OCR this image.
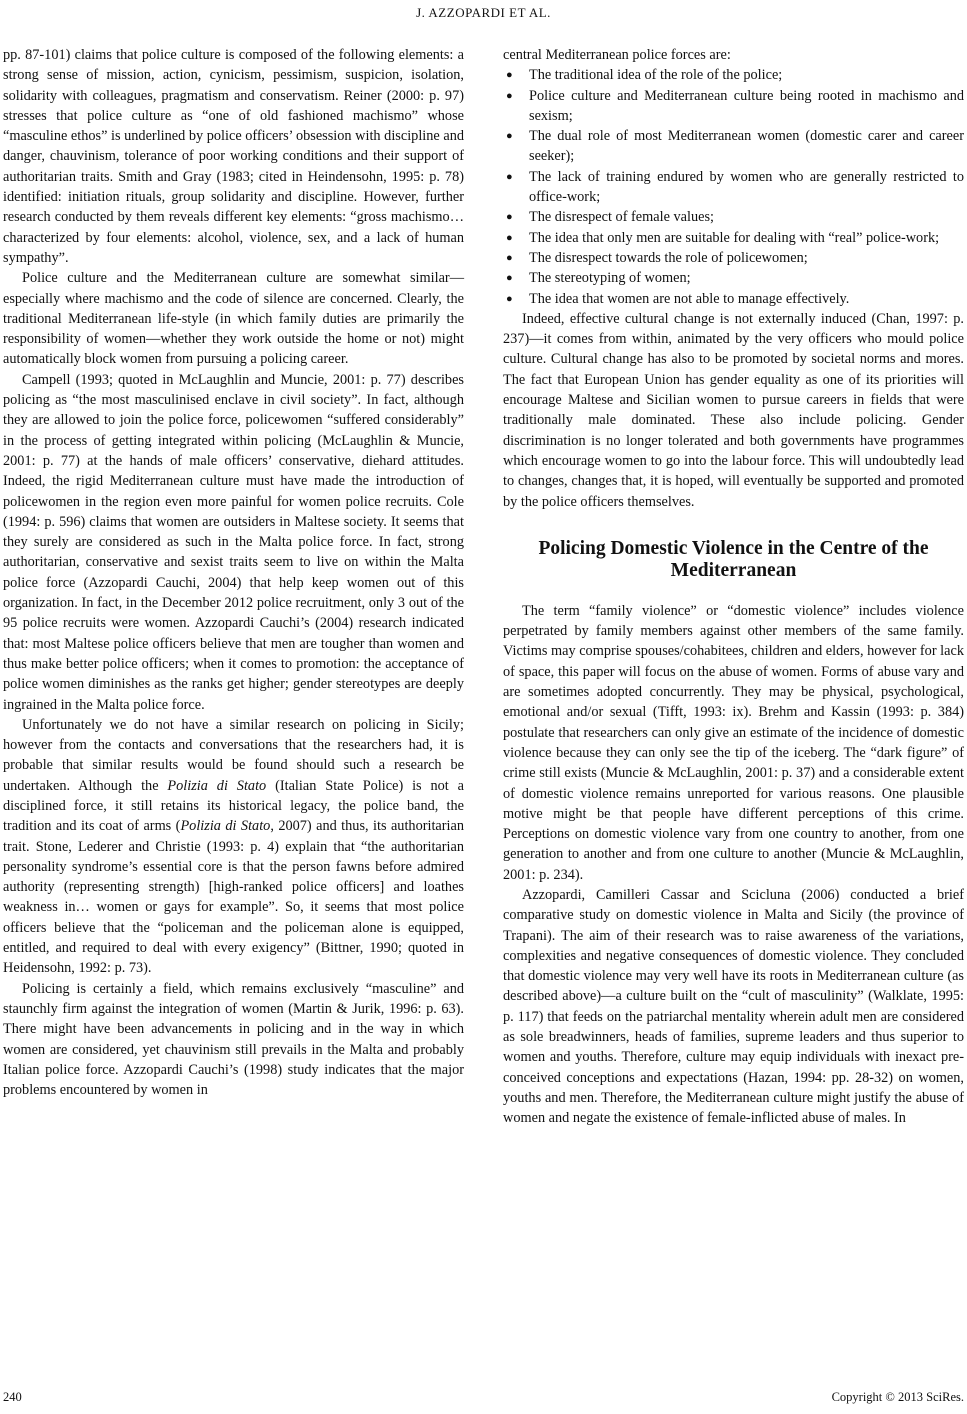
J. AZZOPARDI ET AL.

pp. 87-101) claims that police culture is composed of the following elements: a strong sense of mission, action, cynicism, pessimism, suspicion, isolation, solidarity with colleagues, pragmatism and conservatism. Reiner (2000: p. 97) stresses that police culture as “one of old fashioned machismo” whose “masculine ethos” is underlined by police officers’ obsession with discipline and danger, chauvinism, tolerance of poor working conditions and their support of authoritarian traits. Smith and Gray (1983; cited in Heindensohn, 1995: p. 78) identified: initiation rituals, group solidarity and discipline. However, further research conducted by them reveals different key elements: “gross machismo… characterized by four elements: alcohol, violence, sex, and a lack of human sympathy”.

Police culture and the Mediterranean culture are somewhat similar—especially where machismo and the code of silence are concerned. Clearly, the traditional Mediterranean life-style (in which family duties are primarily the responsibility of women—whether they work outside the home or not) might automatically block women from pursuing a policing career.

Campell (1993; quoted in McLaughlin and Muncie, 2001: p. 77) describes policing as “the most masculinised enclave in civil society”. In fact, although they are allowed to join the police force, policewomen “suffered considerably” in the process of getting integrated within policing (McLaughlin & Muncie, 2001: p. 77) at the hands of male officers’ conservative, diehard attitudes. Indeed, the rigid Mediterranean culture must have made the introduction of policewomen in the region even more painful for women police recruits. Cole (1994: p. 596) claims that women are outsiders in Maltese society. It seems that they surely are considered as such in the Malta police force. In fact, strong authoritarian, conservative and sexist traits seem to live on within the Malta police force (Azzopardi Cauchi, 2004) that help keep women out of this organization. In fact, in the December 2012 police recruitment, only 3 out of the 95 police recruits were women. Azzopardi Cauchi’s (2004) research indicated that: most Maltese police officers believe that men are tougher than women and thus make better police officers; when it comes to promotion: the acceptance of police women diminishes as the ranks get higher; gender stereotypes are deeply ingrained in the Malta police force.

Unfortunately we do not have a similar research on policing in Sicily; however from the contacts and conversations that the researchers had, it is probable that similar results would be found should such a research be undertaken. Although the Polizia di Stato (Italian State Police) is not a disciplined force, it still retains its historical legacy, the police band, the tradition and its coat of arms (Polizia di Stato, 2007) and thus, its authoritarian trait. Stone, Lederer and Christie (1993: p. 4) explain that “the authoritarian personality syndrome’s essential core is that the person fawns before admired authority (representing strength) [high-ranked police officers] and loathes weakness in… women or gays for example”. So, it seems that most police officers believe that the “policeman and the policeman alone is equipped, entitled, and required to deal with every exigency” (Bittner, 1990; quoted in Heidensohn, 1992: p. 73).

Policing is certainly a field, which remains exclusively “masculine” and staunchly firm against the integration of women (Martin & Jurik, 1996: p. 63). There might have been advancements in policing and in the way in which women are considered, yet chauvinism still prevails in the Malta and probably Italian police force. Azzopardi Cauchi’s (1998) study indicates that the major problems encountered by women in

central Mediterranean police forces are:

● The traditional idea of the role of the police;
● Police culture and Mediterranean culture being rooted in machismo and sexism;
● The dual role of most Mediterranean women (domestic carer and career seeker);
● The lack of training endured by women who are generally restricted to office-work;
● The disrespect of female values;
● The idea that only men are suitable for dealing with “real” police-work;
● The disrespect towards the role of policewomen;
● The stereotyping of women;
● The idea that women are not able to manage effectively.

Indeed, effective cultural change is not externally induced (Chan, 1997: p. 237)—it comes from within, animated by the very officers who mould police culture. Cultural change has also to be promoted by societal norms and mores. The fact that European Union has gender equality as one of its priorities will encourage Maltese and Sicilian women to pursue careers in fields that were traditionally male dominated. These also include policing. Gender discrimination is no longer tolerated and both governments have programmes which encourage women to go into the labour force. This will undoubtedly lead to changes, changes that, it is hoped, will eventually be supported and promoted by the police officers themselves.

Policing Domestic Violence in the Centre of the Mediterranean

The term “family violence” or “domestic violence” includes violence perpetrated by family members against other members of the same family. Victims may comprise spouses/cohabitees, children and elders, however for lack of space, this paper will focus on the abuse of women. Forms of abuse vary and are sometimes adopted concurrently. They may be physical, psychological, emotional and/or sexual (Tifft, 1993: ix). Brehm and Kassin (1993: p. 384) postulate that researchers can only give an estimate of the incidence of domestic violence because they can only see the tip of the iceberg. The “dark figure” of crime still exists (Muncie & McLaughlin, 2001: p. 37) and a considerable extent of domestic violence remains unreported for various reasons. One plausible motive might be that people have different perceptions of this crime. Perceptions on domestic violence vary from one country to another, from one generation to another and from one culture to another (Muncie & McLaughlin, 2001: p. 234).

Azzopardi, Camilleri Cassar and Scicluna (2006) conducted a brief comparative study on domestic violence in Malta and Sicily (the province of Trapani). The aim of their research was to raise awareness of the variations, complexities and negative consequences of domestic violence. They concluded that domestic violence may very well have its roots in Mediterranean culture (as described above)—a culture built on the “cult of masculinity” (Walklate, 1995: p. 117) that feeds on the patriarchal mentality wherein adult men are considered as sole breadwinners, heads of families, supreme leaders and thus superior to women and youths. Therefore, culture may equip individuals with inexact pre-conceived conceptions and expectations (Hazan, 1994: pp. 28-32) on women, youths and men. Therefore, the Mediterranean culture might justify the abuse of women and negate the existence of female-inflicted abuse of males. In

240	Copyright © 2013 SciRes.
